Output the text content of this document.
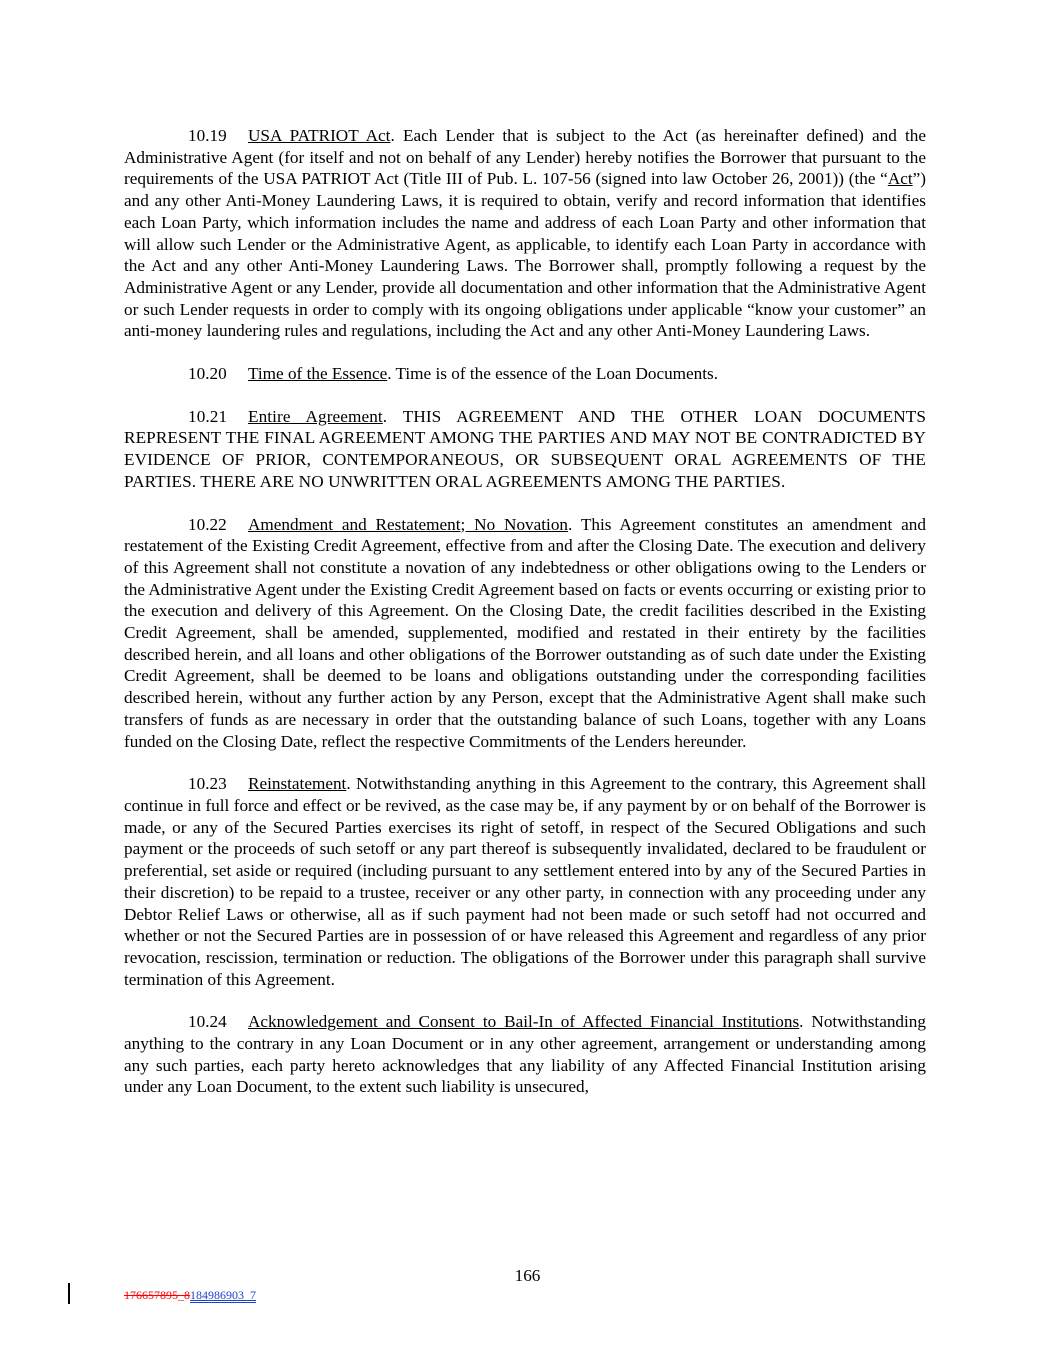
10.19 USA PATRIOT Act. Each Lender that is subject to the Act (as hereinafter defined) and the Administrative Agent (for itself and not on behalf of any Lender) hereby notifies the Borrower that pursuant to the requirements of the USA PATRIOT Act (Title III of Pub. L. 107-56 (signed into law October 26, 2001)) (the “Act”) and any other Anti-Money Laundering Laws, it is required to obtain, verify and record information that identifies each Loan Party, which information includes the name and address of each Loan Party and other information that will allow such Lender or the Administrative Agent, as applicable, to identify each Loan Party in accordance with the Act and any other Anti-Money Laundering Laws. The Borrower shall, promptly following a request by the Administrative Agent or any Lender, provide all documentation and other information that the Administrative Agent or such Lender requests in order to comply with its ongoing obligations under applicable “know your customer” an anti-money laundering rules and regulations, including the Act and any other Anti-Money Laundering Laws.

10.20 Time of the Essence. Time is of the essence of the Loan Documents.

10.21 Entire Agreement. THIS AGREEMENT AND THE OTHER LOAN DOCUMENTS REPRESENT THE FINAL AGREEMENT AMONG THE PARTIES AND MAY NOT BE CONTRADICTED BY EVIDENCE OF PRIOR, CONTEMPORANEOUS, OR SUBSEQUENT ORAL AGREEMENTS OF THE PARTIES. THERE ARE NO UNWRITTEN ORAL AGREEMENTS AMONG THE PARTIES.

10.22 Amendment and Restatement; No Novation. This Agreement constitutes an amendment and restatement of the Existing Credit Agreement, effective from and after the Closing Date. The execution and delivery of this Agreement shall not constitute a novation of any indebtedness or other obligations owing to the Lenders or the Administrative Agent under the Existing Credit Agreement based on facts or events occurring or existing prior to the execution and delivery of this Agreement. On the Closing Date, the credit facilities described in the Existing Credit Agreement, shall be amended, supplemented, modified and restated in their entirety by the facilities described herein, and all loans and other obligations of the Borrower outstanding as of such date under the Existing Credit Agreement, shall be deemed to be loans and obligations outstanding under the corresponding facilities described herein, without any further action by any Person, except that the Administrative Agent shall make such transfers of funds as are necessary in order that the outstanding balance of such Loans, together with any Loans funded on the Closing Date, reflect the respective Commitments of the Lenders hereunder.

10.23 Reinstatement. Notwithstanding anything in this Agreement to the contrary, this Agreement shall continue in full force and effect or be revived, as the case may be, if any payment by or on behalf of the Borrower is made, or any of the Secured Parties exercises its right of setoff, in respect of the Secured Obligations and such payment or the proceeds of such setoff or any part thereof is subsequently invalidated, declared to be fraudulent or preferential, set aside or required (including pursuant to any settlement entered into by any of the Secured Parties in their discretion) to be repaid to a trustee, receiver or any other party, in connection with any proceeding under any Debtor Relief Laws or otherwise, all as if such payment had not been made or such setoff had not occurred and whether or not the Secured Parties are in possession of or have released this Agreement and regardless of any prior revocation, rescission, termination or reduction. The obligations of the Borrower under this paragraph shall survive termination of this Agreement.

10.24 Acknowledgement and Consent to Bail-In of Affected Financial Institutions. Notwithstanding anything to the contrary in any Loan Document or in any other agreement, arrangement or understanding among any such parties, each party hereto acknowledges that any liability of any Affected Financial Institution arising under any Loan Document, to the extent such liability is unsecured,

166
176657895_8184986903_7
